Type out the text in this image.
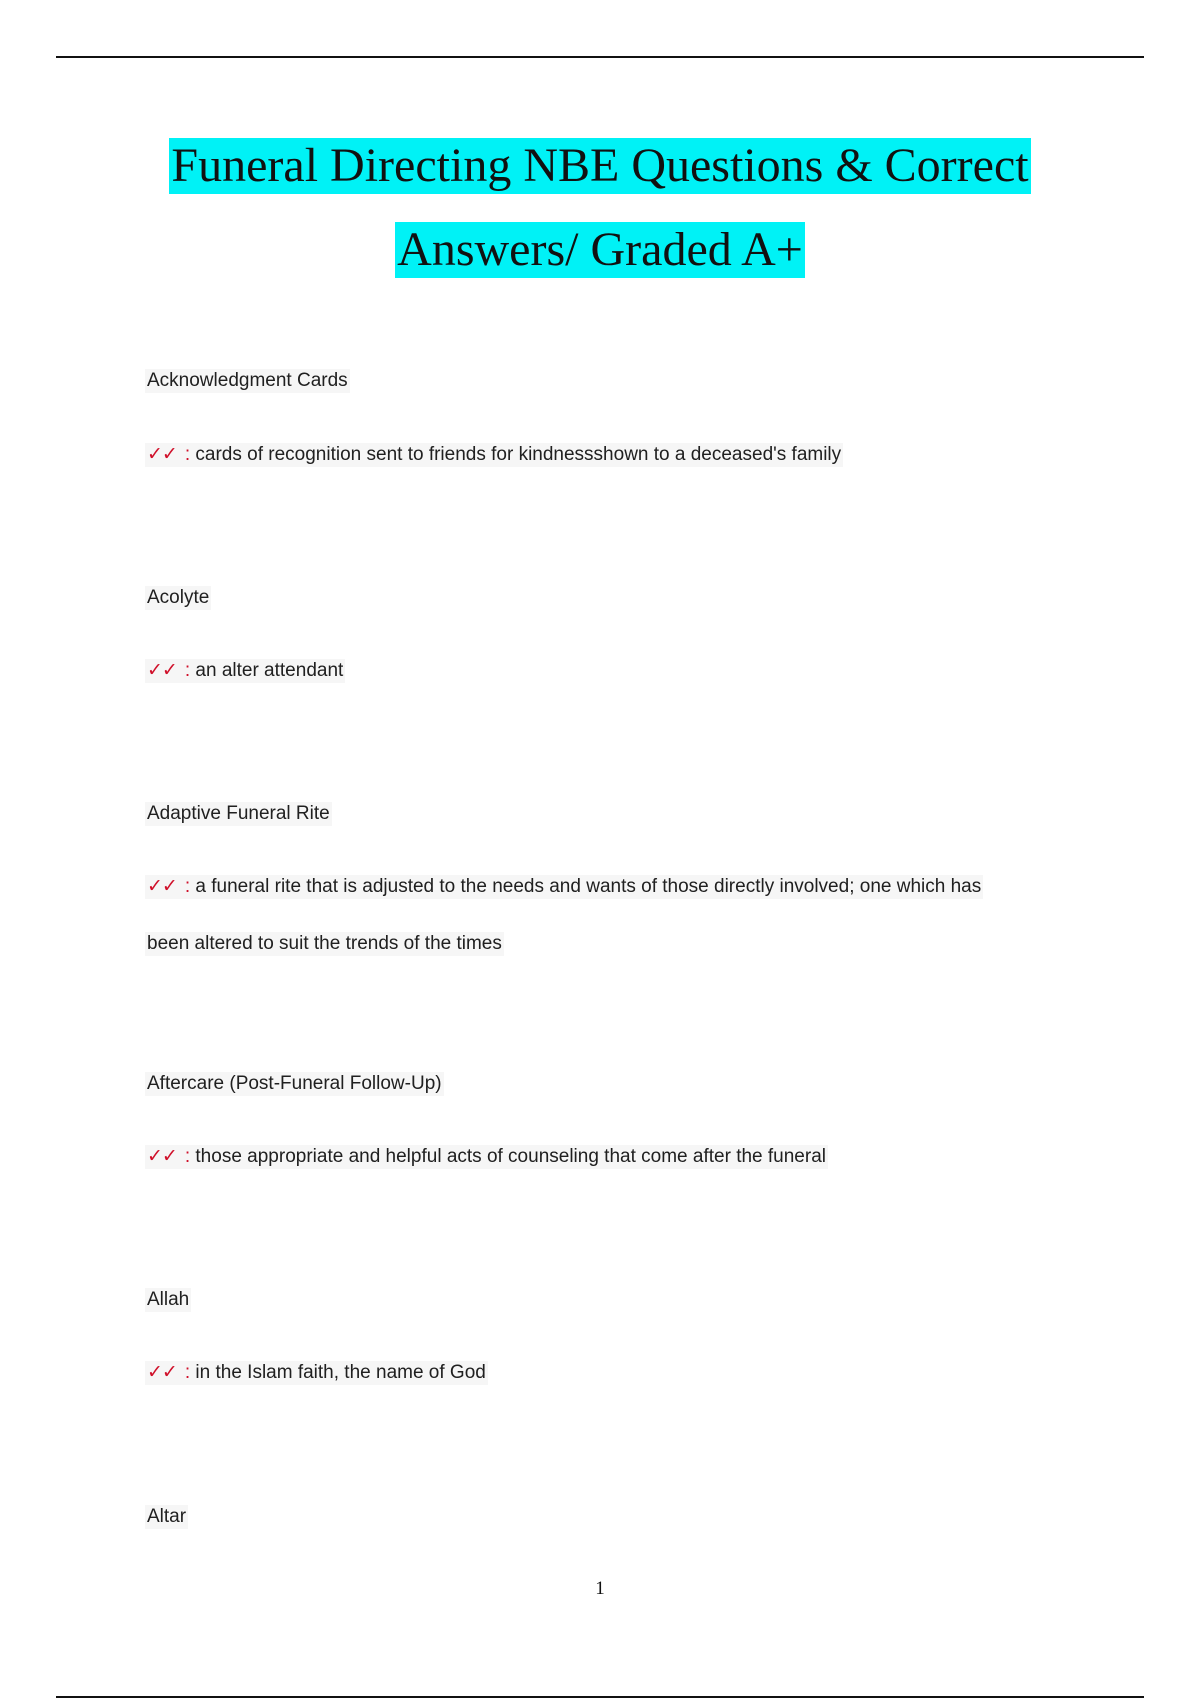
Funeral Directing NBE Questions & Correct
Answers/ Graded A+
Acknowledgment Cards
✓✓ : cards of recognition sent to friends for kindnessshown to a deceased's family
Acolyte
✓✓ : an alter attendant
Adaptive Funeral Rite
✓✓ : a funeral rite that is adjusted to the needs and wants of those directly involved; one which has
been altered to suit the trends of the times
Aftercare (Post-Funeral Follow-Up)
✓✓ : those appropriate and helpful acts of counseling that come after the funeral
Allah
✓✓ : in the Islam faith, the name of God
Altar
1
